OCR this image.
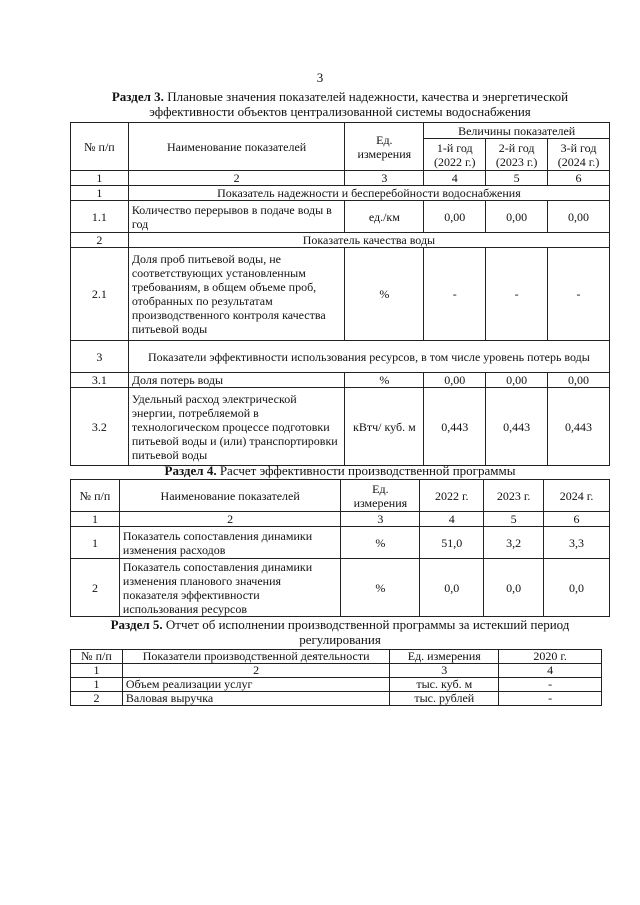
3
Раздел 3. Плановые значения показателей надежности, качества и энергетической эффективности объектов централизованной системы водоснабжения
№ п/п	Наименование показателей	Ед. измерения	Величины показателей		
			1-й год (2022 г.)	2-й год (2023 г.)	3-й год (2024 г.)
1	2	3	4	5	6
1	Показатель надежности и бесперебойности водоснабжения				
1.1	Количество перерывов в подаче воды в год	ед./км	0,00	0,00	0,00
2	Показатель качества воды				
2.1	Доля проб питьевой воды, не соответствующих установленным требованиям, в общем объеме проб, отобранных по результатам производственного контроля качества питьевой воды	%	-	-	-
3	Показатели эффективности использования ресурсов, в том числе уровень потерь воды				
3.1	Доля потерь воды	%	0,00	0,00	0,00
3.2	Удельный расход электрической энергии, потребляемой в технологическом процессе подготовки питьевой воды и (или) транспортировки питьевой воды	кВтч/ куб. м	0,443	0,443	0,443
Раздел 4. Расчет эффективности производственной программы
№ п/п	Наименование показателей	Ед. измерения	2022 г.	2023 г.	2024 г.
1	2	3	4	5	6
1	Показатель сопоставления динамики изменения расходов	%	51,0	3,2	3,3
2	Показатель сопоставления динамики изменения планового значения показателя эффективности использования ресурсов	%	0,0	0,0	0,0
Раздел 5. Отчет об исполнении производственной программы за истекший период регулирования
№ п/п	Показатели производственной деятельности	Ед. измерения	2020 г.
1	2	3	4
1	Объем реализации услуг	тыс. куб. м	-
2	Валовая выручка	тыс. рублей	-
